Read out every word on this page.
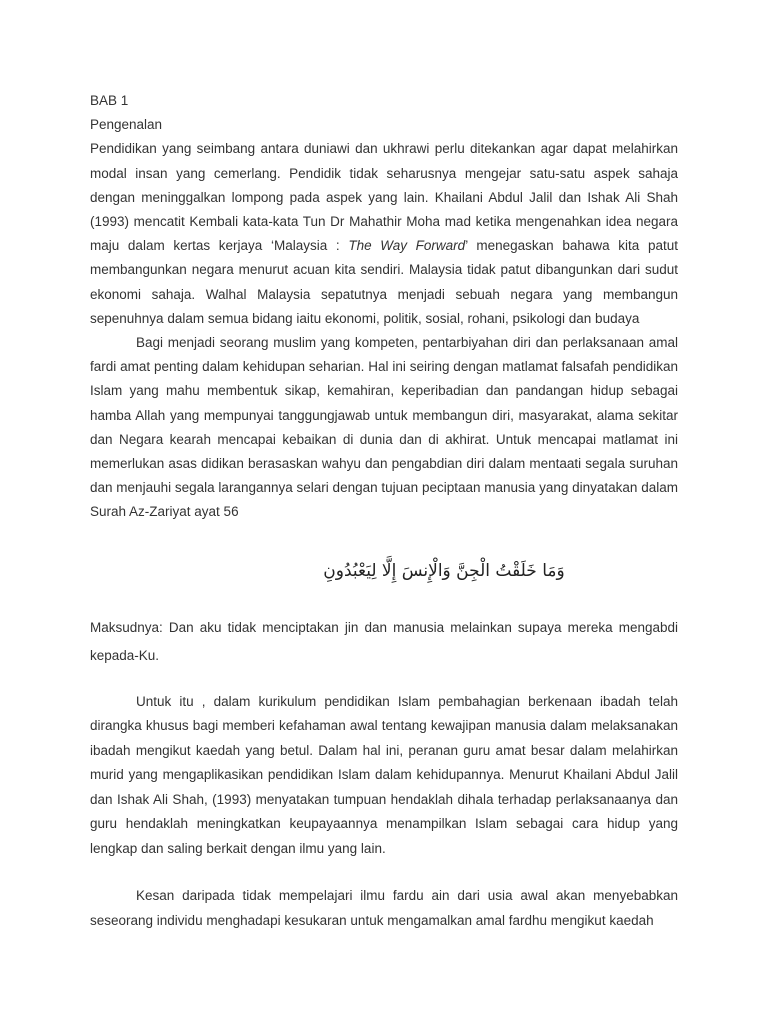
BAB 1

Pengenalan

Pendidikan yang seimbang antara duniawi dan ukhrawi perlu ditekankan agar dapat melahirkan modal insan yang cemerlang. Pendidik tidak seharusnya mengejar satu-satu aspek sahaja dengan meninggalkan lompong pada aspek yang lain. Khailani Abdul Jalil dan Ishak Ali Shah (1993) mencatit Kembali kata-kata Tun Dr Mahathir Moha mad ketika mengenahkan idea negara maju dalam kertas kerjaya ‘Malaysia : The Way Forward’ menegaskan bahawa kita patut membangunkan negara menurut acuan kita sendiri. Malaysia tidak patut dibangunkan dari sudut ekonomi sahaja. Walhal Malaysia sepatutnya menjadi sebuah negara yang membangun sepenuhnya dalam semua bidang iaitu ekonomi, politik, sosial, rohani, psikologi dan budaya

Bagi menjadi seorang muslim yang kompeten, pentarbiyahan diri dan perlaksanaan amal fardi amat penting dalam kehidupan seharian. Hal ini seiring dengan matlamat falsafah pendidikan Islam yang mahu membentuk sikap, kemahiran, keperibadian dan pandangan hidup sebagai hamba Allah yang mempunyai tanggungjawab untuk membangun diri, masyarakat, alama sekitar dan Negara kearah mencapai kebaikan di dunia dan di akhirat. Untuk mencapai matlamat ini memerlukan asas didikan berasaskan wahyu dan pengabdian diri dalam mentaati segala suruhan dan menjauhi segala larangannya selari dengan tujuan peciptaan manusia yang dinyatakan dalam Surah Az-Zariyat ayat 56

وَمَا خَلَقْتُ الْجِنَّ وَالْإِنسَ إِلَّا لِيَعْبُدُونِ

Maksudnya: Dan aku tidak menciptakan jin dan manusia melainkan supaya mereka mengabdi kepada-Ku.

Untuk itu , dalam kurikulum pendidikan Islam pembahagian berkenaan ibadah telah dirangka khusus bagi memberi kefahaman awal tentang kewajipan manusia dalam melaksanakan ibadah mengikut kaedah yang betul. Dalam hal ini, peranan guru amat besar dalam melahirkan murid yang mengaplikasikan pendidikan Islam dalam kehidupannya. Menurut Khailani Abdul Jalil dan Ishak Ali Shah, (1993) menyatakan tumpuan hendaklah dihala terhadap perlaksanaanya dan guru hendaklah meningkatkan keupayaannya menampilkan Islam sebagai cara hidup yang lengkap dan saling berkait dengan ilmu yang lain.

Kesan daripada tidak mempelajari ilmu fardu ain dari usia awal akan menyebabkan seseorang individu menghadapi kesukaran untuk mengamalkan amal fardhu mengikut kaedah
